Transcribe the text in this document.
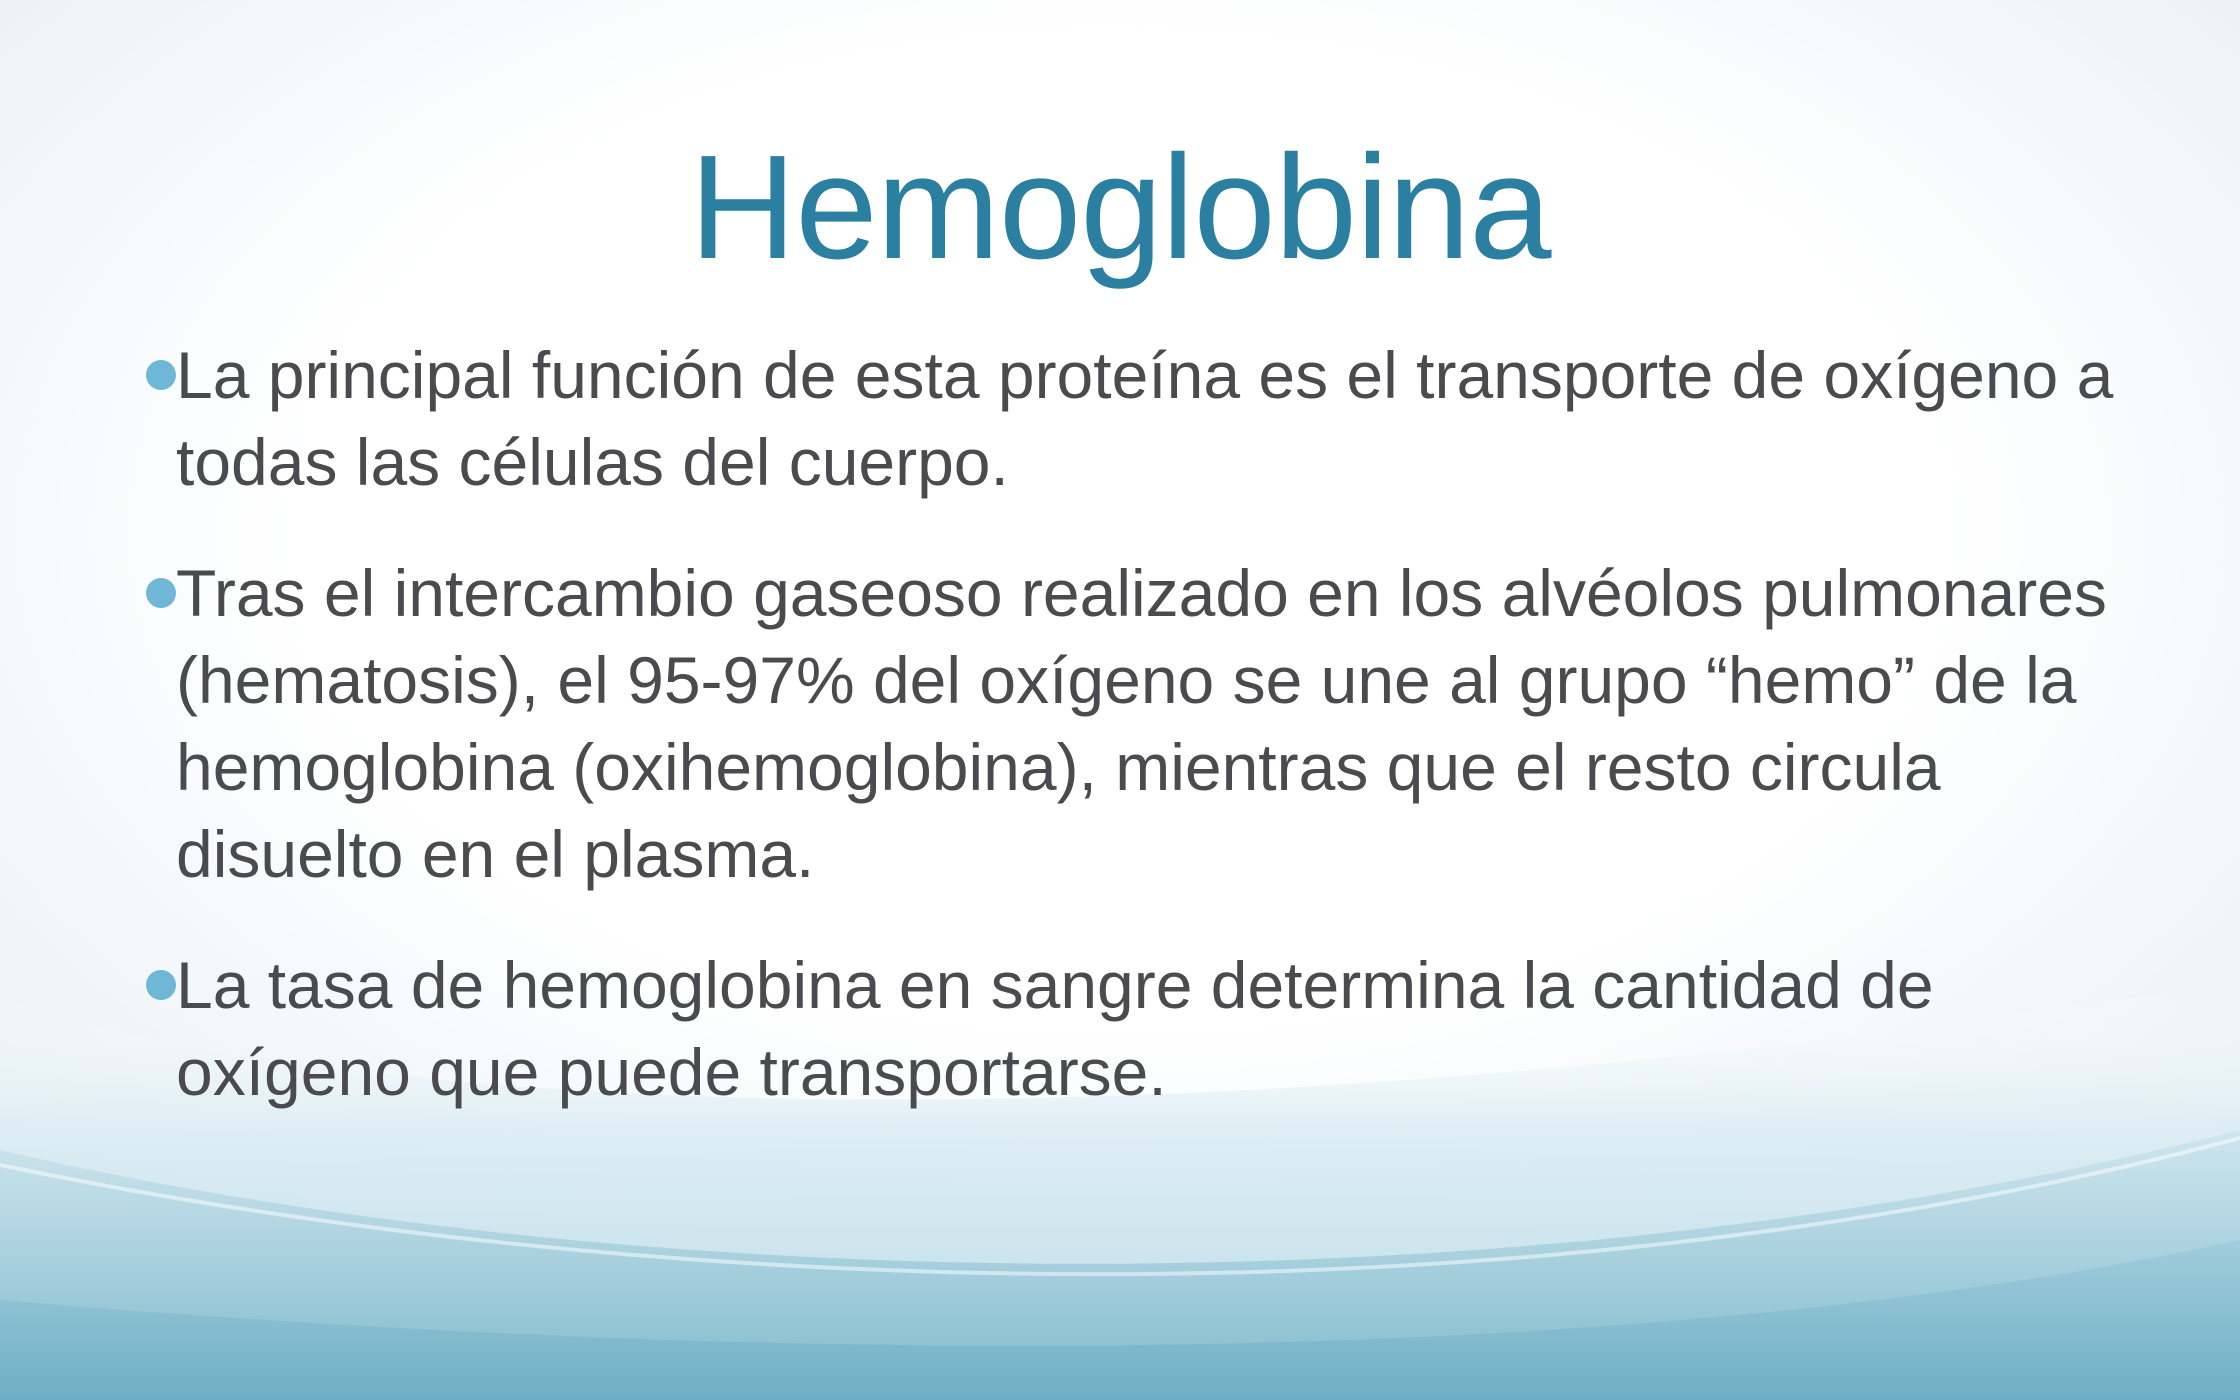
Hemoglobina
La principal función de esta proteína es el transporte de oxígeno a todas las células del cuerpo.
Tras el intercambio gaseoso realizado en los alvéolos pulmonares (hematosis), el 95-97% del oxígeno se une al grupo “hemo” de la hemoglobina (oxihemoglobina), mientras que el resto circula disuelto en el plasma.
La tasa de hemoglobina en sangre determina la cantidad de oxígeno que puede transportarse.
